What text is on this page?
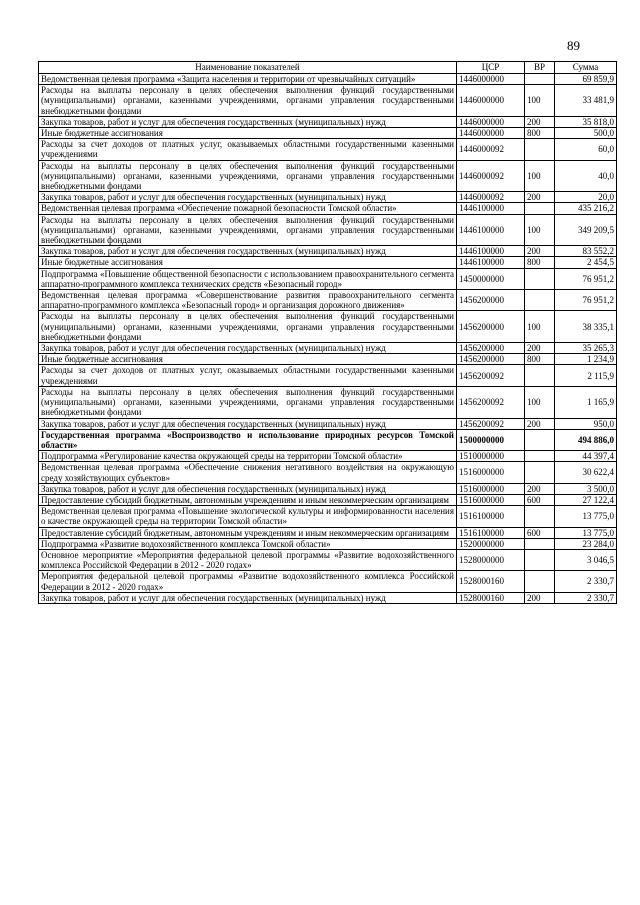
89
Наименование показателей	ЦСР	ВР	Сумма
Ведомственная целевая программа «Защита населения и территории от чрезвычайных ситуаций»	1446000000		69 859,9
Расходы на выплаты персоналу в целях обеспечения выполнения функций государственными (муниципальными) органами, казенными учреждениями, органами управления государственными внебюджетными фондами	1446000000	100	33 481,9
Закупка товаров, работ и услуг для обеспечения государственных (муниципальных) нужд	1446000000	200	35 818,0
Иные бюджетные ассигнования	1446000000	800	500,0
Расходы за счет доходов от платных услуг, оказываемых областными государственными казенными учреждениями	1446000092		60,0
Расходы на выплаты персоналу в целях обеспечения выполнения функций государственными (муниципальными) органами, казенными учреждениями, органами управления государственными внебюджетными фондами	1446000092	100	40,0
Закупка товаров, работ и услуг для обеспечения государственных (муниципальных) нужд	1446000092	200	20,0
Ведомственная целевая программа «Обеспечение пожарной безопасности Томской области»	1446100000		435 216,2
Расходы на выплаты персоналу в целях обеспечения выполнения функций государственными (муниципальными) органами, казенными учреждениями, органами управления государственными внебюджетными фондами	1446100000	100	349 209,5
Закупка товаров, работ и услуг для обеспечения государственных (муниципальных) нужд	1446100000	200	83 552,2
Иные бюджетные ассигнования	1446100000	800	2 454,5
Подпрограмма «Повышение общественной безопасности с использованием правоохранительного сегмента аппаратно-программного комплекса технических средств «Безопасный город»	1450000000		76 951,2
Ведомственная целевая программа «Совершенствование развития правоохранительного сегмента аппаратно-программного комплекса «Безопасный город» и организация дорожного движения»	1456200000		76 951,2
Расходы на выплаты персоналу в целях обеспечения выполнения функций государственными (муниципальными) органами, казенными учреждениями, органами управления государственными внебюджетными фондами	1456200000	100	38 335,1
Закупка товаров, работ и услуг для обеспечения государственных (муниципальных) нужд	1456200000	200	35 265,3
Иные бюджетные ассигнования	1456200000	800	1 234,9
Расходы за счет доходов от платных услуг, оказываемых областными государственными казенными учреждениями	1456200092		2 115,9
Расходы на выплаты персоналу в целях обеспечения выполнения функций государственными (муниципальными) органами, казенными учреждениями, органами управления государственными внебюджетными фондами	1456200092	100	1 165,9
Закупка товаров, работ и услуг для обеспечения государственных (муниципальных) нужд	1456200092	200	950,0
Государственная программа «Воспроизводство и использование природных ресурсов Томской области»	1500000000		494 886,0
Подпрограмма «Регулирование качества окружающей среды на территории Томской области»	1510000000		44 397,4
Ведомственная целевая программа «Обеспечение снижения негативного воздействия на окружающую среду хозяйствующих субъектов»	1516000000		30 622,4
Закупка товаров, работ и услуг для обеспечения государственных (муниципальных) нужд	1516000000	200	3 500,0
Предоставление субсидий бюджетным, автономным учреждениям и иным некоммерческим организациям	1516000000	600	27 122,4
Ведомственная целевая программа «Повышение экологической культуры и информированности населения о качестве окружающей среды на территории Томской области»	1516100000		13 775,0
Предоставление субсидий бюджетным, автономным учреждениям и иным некоммерческим организациям	1516100000	600	13 775,0
Подпрограмма «Развитие водохозяйственного комплекса Томской области»	1520000000		23 284,0
Основное мероприятие «Мероприятия федеральной целевой программы «Развитие водохозяйственного комплекса Российской Федерации в 2012 - 2020 годах»	1528000000		3 046,5
Мероприятия федеральной целевой программы «Развитие водохозяйственного комплекса Российской Федерации в 2012 - 2020 годах»	1528000160		2 330,7
Закупка товаров, работ и услуг для обеспечения государственных (муниципальных) нужд	1528000160	200	2 330,7
